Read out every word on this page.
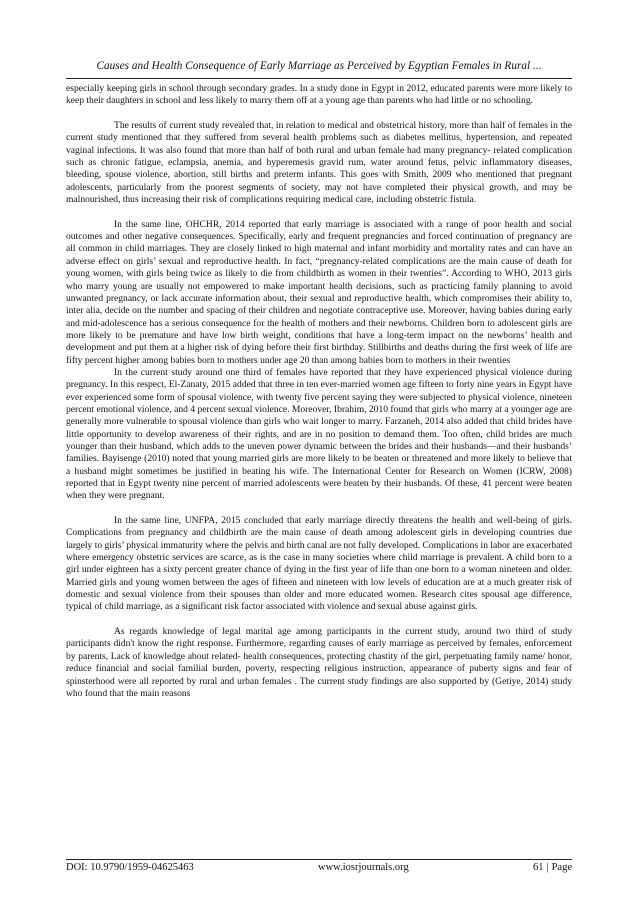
Causes and Health Consequence of Early Marriage as Perceived by Egyptian Females in Rural ...

especially keeping girls in school through secondary grades. In a study done in Egypt in 2012, educated parents were more likely to keep their daughters in school and less likely to marry them off at a young age than parents who had little or no schooling.

The results of current study revealed that, in relation to medical and obstetrical history, more than half of females in the current study mentioned that they suffered from several health problems such as diabetes mellitus, hypertension, and repeated vaginal infections. It was also found that more than half of both rural and urban female had many pregnancy- related complication such as chronic fatigue, eclampsia, anemia, and hyperemesis gravid rum, water around fetus, pelvic inflammatory diseases, bleeding, spouse violence, abortion, still births and preterm infants. This goes with Smith, 2009 who mentioned that pregnant adolescents, particularly from the poorest segments of society, may not have completed their physical growth, and may be malnourished, thus increasing their risk of complications requiring medical care, including obstetric fistula.

In the same line, OHCHR, 2014 reported that early marriage is associated with a range of poor health and social outcomes and other negative consequences. Specifically, early and frequent pregnancies and forced continuation of pregnancy are all common in child marriages. They are closely linked to high maternal and infant morbidity and mortality rates and can have an adverse effect on girls’ sexual and reproductive health. In fact, “pregnancy-related complications are the main cause of death for young women, with girls being twice as likely to die from childbirth as women in their twenties”. According to WHO, 2013 girls who marry young are usually not empowered to make important health decisions, such as practicing family planning to avoid unwanted pregnancy, or lack accurate information about, their sexual and reproductive health, which compromises their ability to, inter alia, decide on the number and spacing of their children and negotiate contraceptive use. Moreover, having babies during early and mid-adolescence has a serious consequence for the health of mothers and their newborns. Children born to adolescent girls are more likely to be premature and have low birth weight, conditions that have a long-term impact on the newborns’ health and development and put them at a higher risk of dying before their first birthday. Stillbirths and deaths during the first week of life are fifty percent higher among babies born to mothers under age 20 than among babies born to mothers in their twenties

In the current study around one third of females have reported that they have experienced physical violence during pregnancy. In this respect, El-Zanaty, 2015 added that three in ten ever-married women age fifteen to forty nine years in Egypt have ever experienced some form of spousal violence, with twenty five percent saying they were subjected to physical violence, nineteen percent emotional violence, and 4 percent sexual violence. Moreover, Ibrahim, 2010 found that girls who marry at a younger age are generally more vulnerable to spousal violence than girls who wait longer to marry. Farzaneh, 2014 also added that child brides have little opportunity to develop awareness of their rights, and are in no position to demand them. Too often, child brides are much younger than their husband, which adds to the uneven power dynamic between the brides and their husbands—and their husbands’ families. Bayisenge (2010) noted that young married girls are more likely to be beaten or threatened and more likely to believe that a husband might sometimes be justified in beating his wife. The International Center for Research on Women (ICRW, 2008) reported that in Egypt twenty nine percent of married adolescents were beaten by their husbands. Of these, 41 percent were beaten when they were pregnant.

In the same line, UNFPA, 2015 concluded that early marriage directly threatens the health and well-being of girls. Complications from pregnancy and childbirth are the main cause of death among adolescent girls in developing countries due largely to girls’ physical immaturity where the pelvis and birth canal are not fully developed. Complications in labor are exacerbated where emergency obstetric services are scarce, as is the case in many societies where child marriage is prevalent. A child born to a girl under eighteen has a sixty percent greater chance of dying in the first year of life than one born to a woman nineteen and older. Married girls and young women between the ages of fifteen and nineteen with low levels of education are at a much greater risk of domestic and sexual violence from their spouses than older and more educated women. Research cites spousal age difference, typical of child marriage, as a significant risk factor associated with violence and sexual abuse against girls.

As regards knowledge of legal marital age among participants in the current study, around two third of study participants didn't know the right response. Furthermore, regarding causes of early marriage as perceived by females, enforcement by parents, Lack of knowledge about related- health consequences, protecting chastity of the girl, perpetuating family name/ honor, reduce financial and social familial burden, poverty, respecting religious instruction, appearance of puberty signs and fear of spinsterhood were all reported by rural and urban females . The current study findings are also supported by (Getiye, 2014) study who found that the main reasons

DOI: 10.9790/1959-04625463	www.iosrjournals.org	61 | Page
